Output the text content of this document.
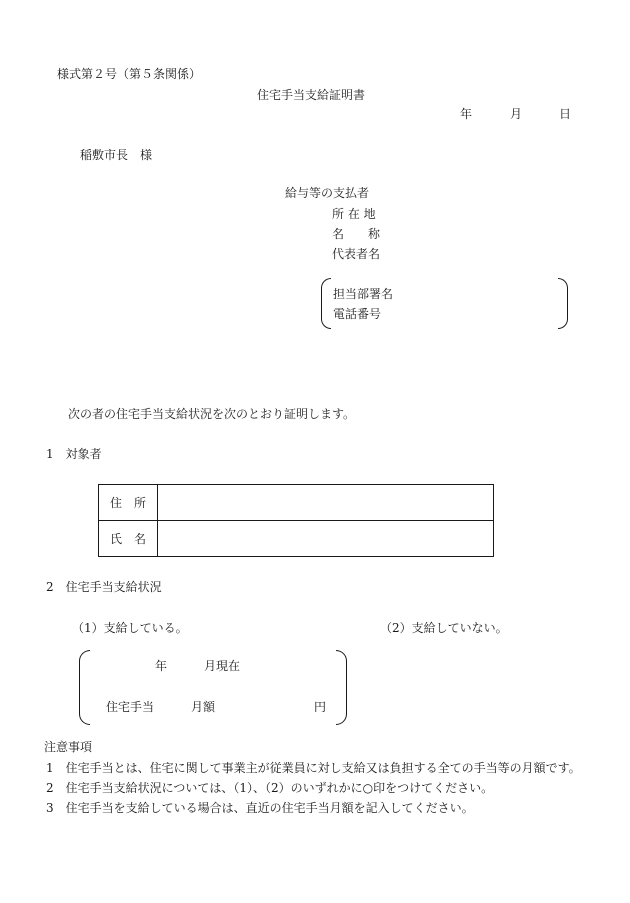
様式第２号（第５条関係）
住宅手当支給証明書
年	月	日
稲敷市長　様
給与等の支払者
所 在 地
名　　称
代表者名
担当部署名
電話番号
次の者の住宅手当支給状況を次のとおり証明します。
1　対象者
住　所	
氏　名	
2　住宅手当支給状況
（1）支給している。	（2）支給していない。
年	月現在
住宅手当	月額	円
注意事項
1　住宅手当とは、住宅に関して事業主が従業員に対し支給又は負担する全ての手当等の月額です。
2　住宅手当支給状況については、（1）、（2）のいずれかに○印をつけてください。
3　住宅手当を支給している場合は、直近の住宅手当月額を記入してください。
